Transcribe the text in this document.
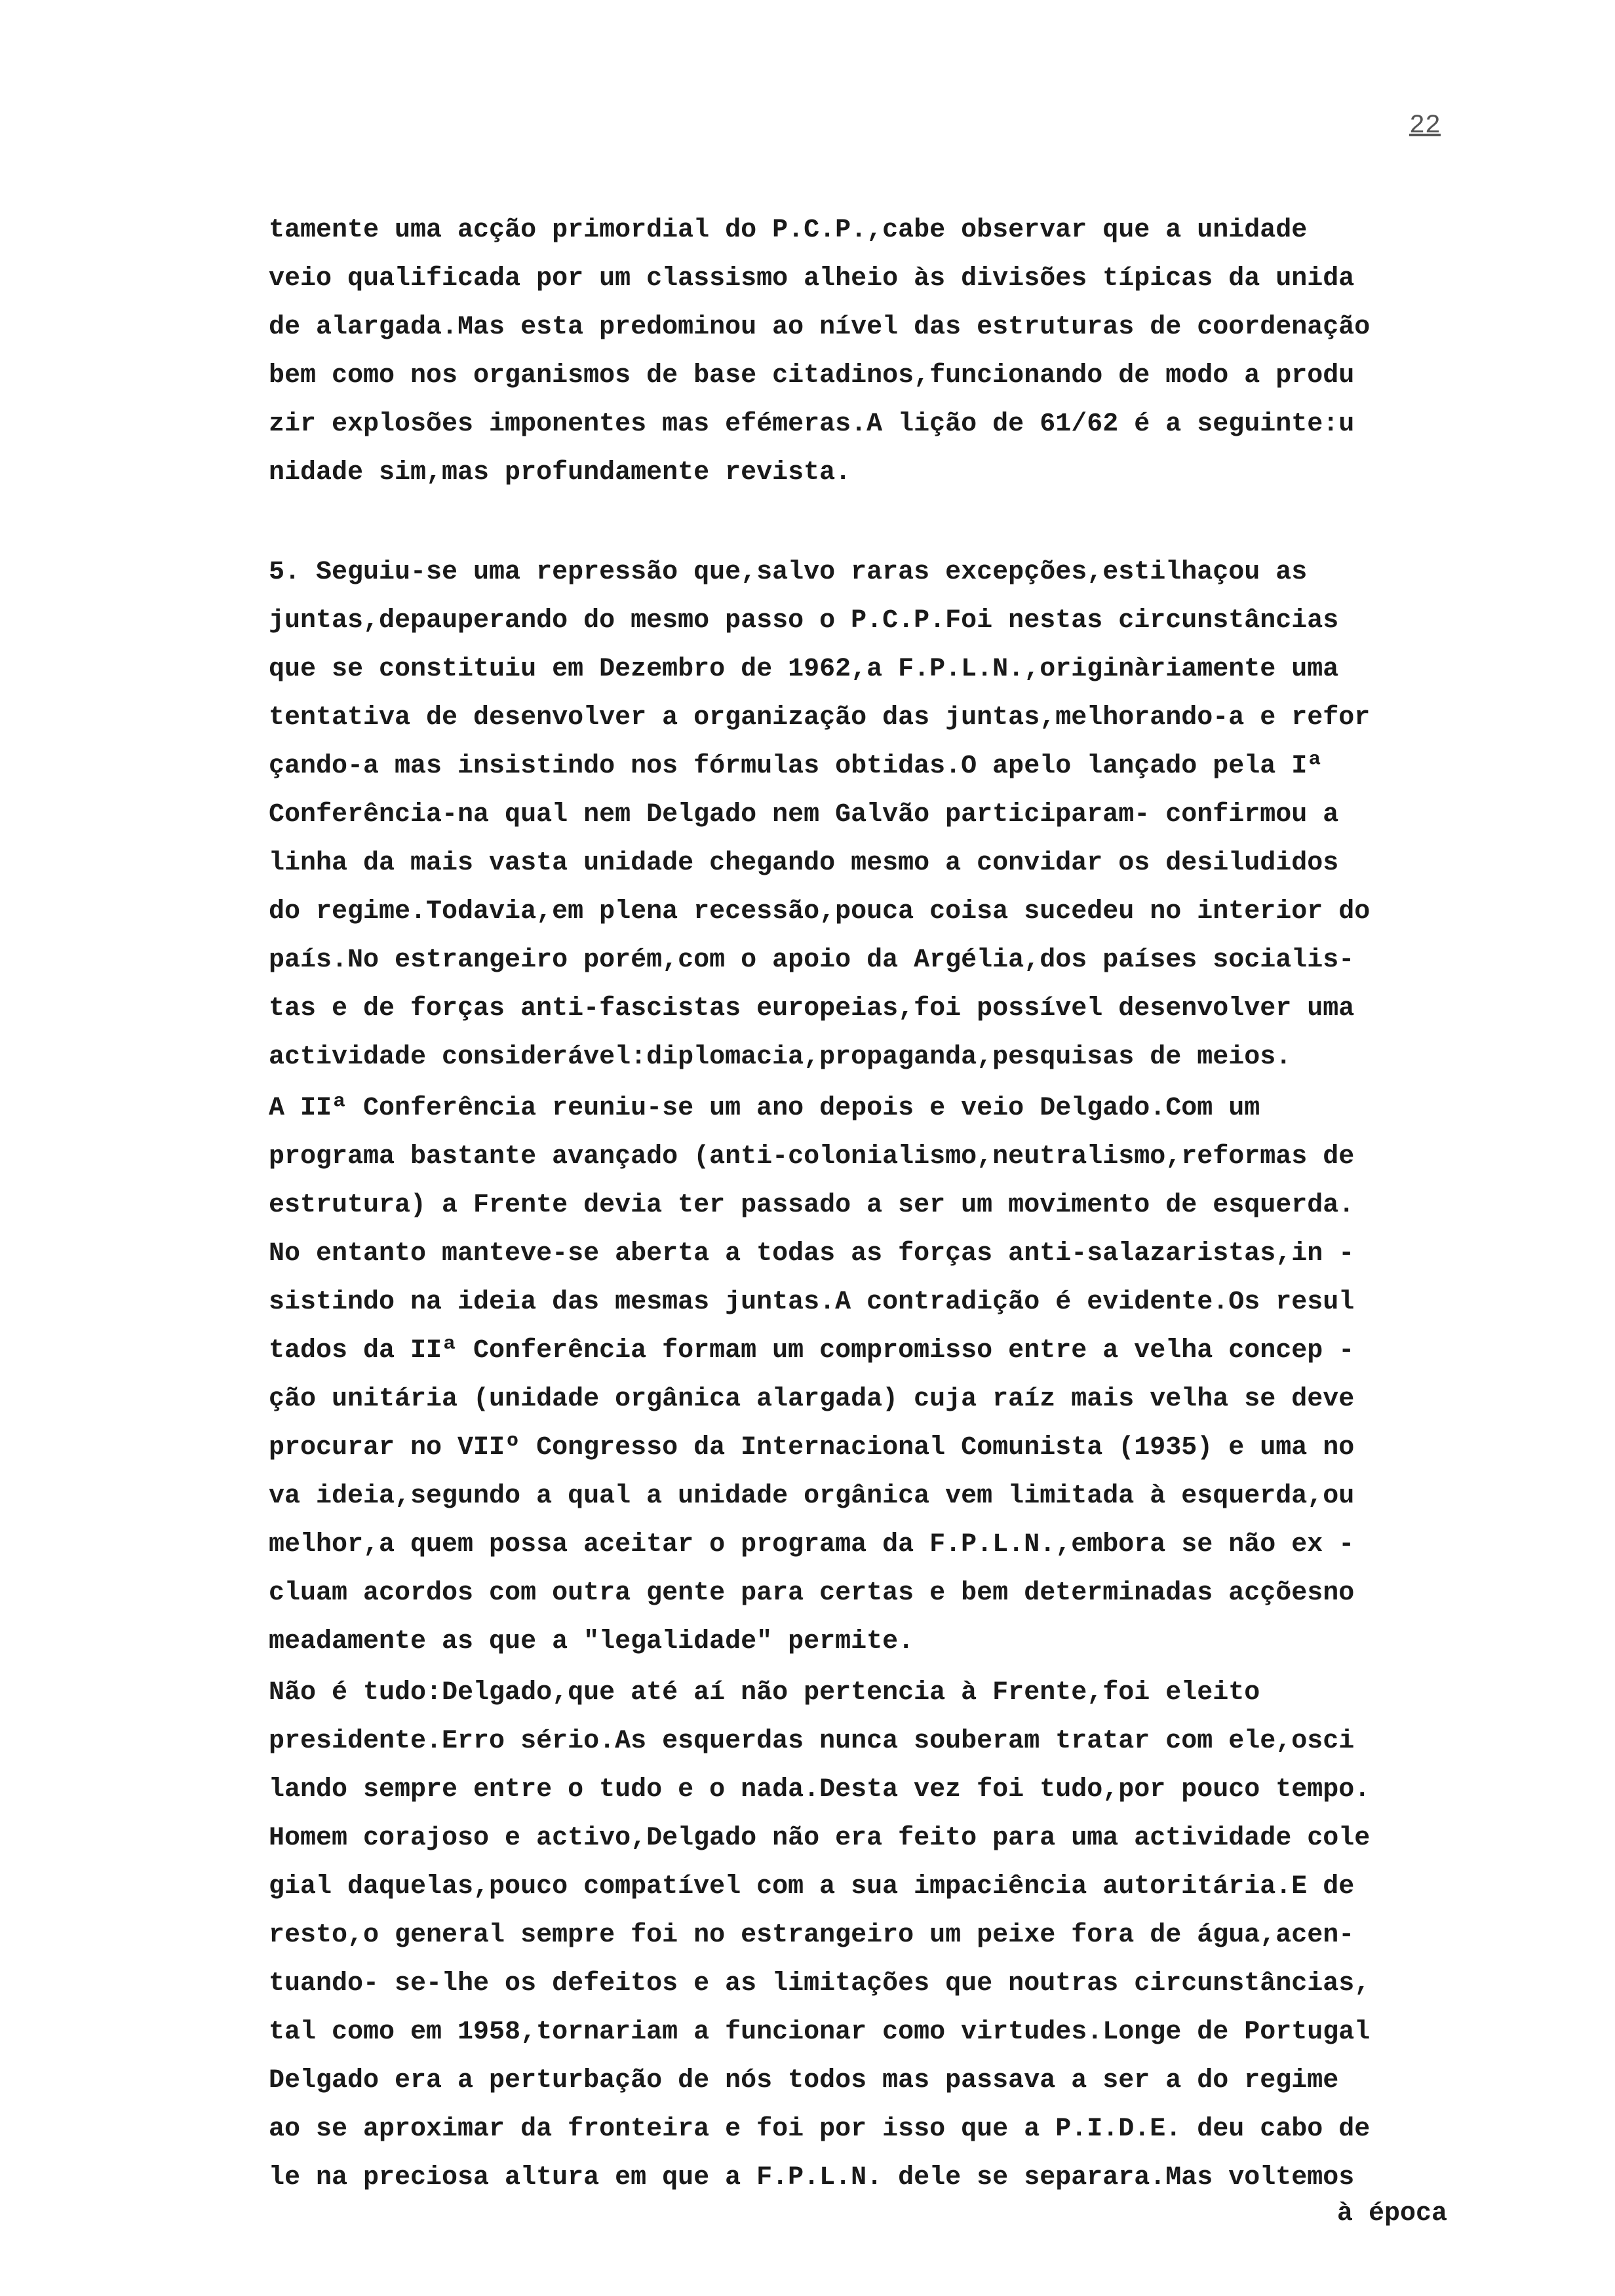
22
tamente uma acção primordial do P.C.P.,cabe observar que a unidade
veio qualificada por um classismo alheio às divisões típicas da unida
de alargada.Mas esta predominou ao nível das estruturas de coordenação
bem como nos organismos de base citadinos,funcionando de modo a produ
zir explosões imponentes mas efémeras.A lição de 61/62 é a seguinte:u
nidade sim,mas profundamente revista.
5. Seguiu-se uma repressão que,salvo raras excepções,estilhaçou as
juntas,depauperando do mesmo passo o P.C.P.Foi nestas circunstâncias
que se constituiu em Dezembro de 1962,a F.P.L.N.,originàriamente uma
tentativa de desenvolver a organização das juntas,melhorando-a e refor
çando-a mas insistindo nos fórmulas obtidas.O apelo lançado pela Iª
Conferência-na qual nem Delgado nem Galvão participaram- confirmou a
linha da mais vasta unidade chegando mesmo a convidar os desiludidos
do regime.Todavia,em plena recessão,pouca coisa sucedeu no interior do
país.No estrangeiro porém,com o apoio da Argélia,dos países socialis-
tas e de forças anti-fascistas europeias,foi possível desenvolver uma
actividade considerável:diplomacia,propaganda,pesquisas de meios.
A IIª Conferência reuniu-se um ano depois e veio Delgado.Com um
programa bastante avançado (anti-colonialismo,neutralismo,reformas de
estrutura) a Frente devia ter passado a ser um movimento de esquerda.
No entanto manteve-se aberta a todas as forças anti-salazaristas,in -
sistindo na ideia das mesmas juntas.A contradição é evidente.Os resul
tados da IIª Conferência formam um compromisso entre a velha concep -
ção unitária (unidade orgânica alargada) cuja raíz mais velha se deve
procurar no VIIº Congresso da Internacional Comunista (1935) e uma no
va ideia,segundo a qual a unidade orgânica vem limitada à esquerda,ou
melhor,a quem possa aceitar o programa da F.P.L.N.,embora se não ex -
cluam acordos com outra gente para certas e bem determinadas acçõesno
meadamente as que a "legalidade" permite.
Não é tudo:Delgado,que até aí não pertencia à Frente,foi eleito
presidente.Erro sério.As esquerdas nunca souberam tratar com ele,osci
lando sempre entre o tudo e o nada.Desta vez foi tudo,por pouco tempo.
Homem corajoso e activo,Delgado não era feito para uma actividade cole
gial daquelas,pouco compatível com a sua impaciência autoritária.E de
resto,o general sempre foi no estrangeiro um peixe fora de água,acen-
tuando- se-lhe os defeitos e as limitações que noutras circunstâncias,
tal como em 1958,tornariam a funcionar como virtudes.Longe de Portugal
Delgado era a perturbação de nós todos mas passava a ser a do regime
ao se aproximar da fronteira e foi por isso que a P.I.D.E. deu cabo de
le na preciosa altura em que a F.P.L.N. dele se separara.Mas voltemos
à época
